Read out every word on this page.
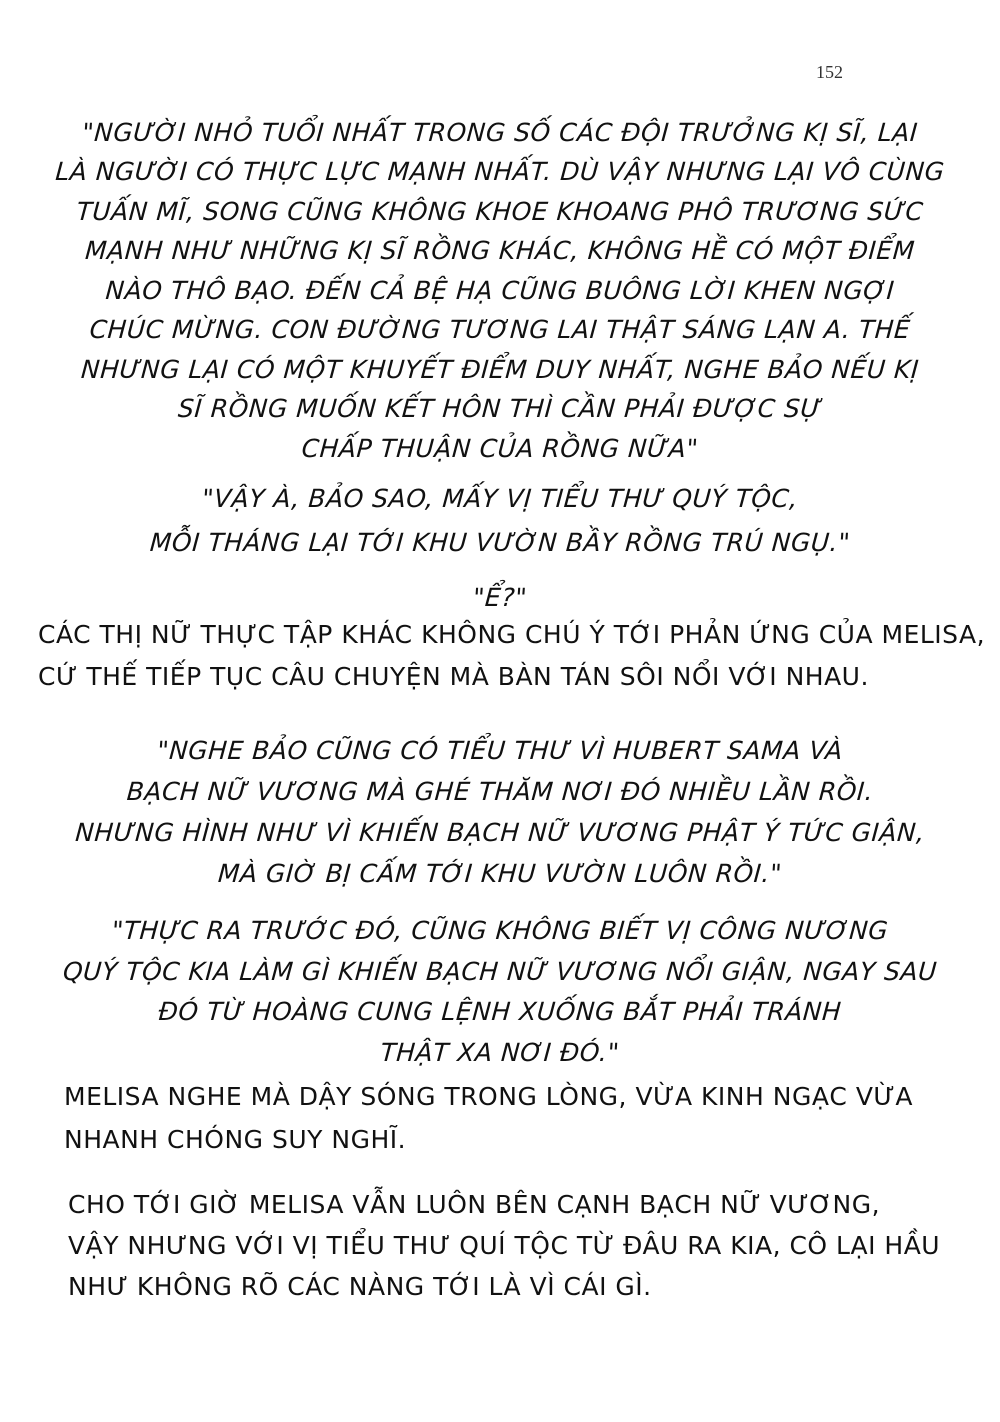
152
"NGƯỜI NHỎ TUỔI NHẤT TRONG SỐ CÁC ĐỘI TRƯỞNG KỊ SĨ, LẠI
LÀ NGƯỜI CÓ THỰC LỰC MẠNH NHẤT. DÙ VẬY NHƯNG LẠI VÔ CÙNG
TUẤN MĨ, SONG CŨNG KHÔNG KHOE KHOANG PHÔ TRƯƠNG SỨC
MẠNH NHƯ NHỮNG KỊ SĨ RỒNG KHÁC, KHÔNG HỀ CÓ MỘT ĐIỂM
NÀO THÔ BẠO. ĐẾN CẢ BỆ HẠ CŨNG BUÔNG LỜI KHEN NGỢI
CHÚC MỪNG. CON ĐƯỜNG TƯƠNG LAI THẬT SÁNG LẠN A. THẾ
NHƯNG LẠI CÓ MỘT KHUYẾT ĐIỂM DUY NHẤT, NGHE BẢO NẾU KỊ
SĨ RỒNG MUỐN KẾT HÔN THÌ CẦN PHẢI ĐƯỢC SỰ
CHẤP THUẬN CỦA RỒNG NỮA"
"VẬY À, BẢO SAO, MẤY VỊ TIỂU THƯ QUÝ TỘC,
MỖI THÁNG LẠI TỚI KHU VƯỜN BẦY RỒNG TRÚ NGỤ."
"Ể?"
CÁC THỊ NỮ THỰC TẬP KHÁC KHÔNG CHÚ Ý TỚI PHẢN ỨNG CỦA MELISA,
CỨ THẾ TIẾP TỤC CÂU CHUYỆN MÀ BÀN TÁN SÔI NỔI VỚI NHAU.
"NGHE BẢO CŨNG CÓ TIỂU THƯ VÌ HUBERT SAMA VÀ
BẠCH NỮ VƯƠNG MÀ GHÉ THĂM NƠI ĐÓ NHIỀU LẦN RỒI.
NHƯNG HÌNH NHƯ VÌ KHIẾN BẠCH NỮ VƯƠNG PHẬT Ý TỨC GIẬN,
MÀ GIỜ BỊ CẤM TỚI KHU VƯỜN LUÔN RỒI."
"THỰC RA TRƯỚC ĐÓ, CŨNG KHÔNG BIẾT VỊ CÔNG NƯƠNG
QUÝ TỘC KIA LÀM GÌ KHIẾN BẠCH NỮ VƯƠNG NỔI GIẬN, NGAY SAU
ĐÓ TỪ HOÀNG CUNG LỆNH XUỐNG BẮT PHẢI TRÁNH
THẬT XA NƠI ĐÓ."
MELISA NGHE MÀ DẬY SÓNG TRONG LÒNG, VỪA KINH NGẠC VỪA
NHANH CHÓNG SUY NGHĨ.
CHO TỚI GIỜ MELISA VẪN LUÔN BÊN CẠNH BẠCH NỮ VƯƠNG,
VẬY NHƯNG VỚI VỊ TIỂU THƯ QUÍ TỘC TỪ ĐÂU RA KIA, CÔ LẠI HẦU
NHƯ KHÔNG RÕ CÁC NÀNG TỚI LÀ VÌ CÁI GÌ.
